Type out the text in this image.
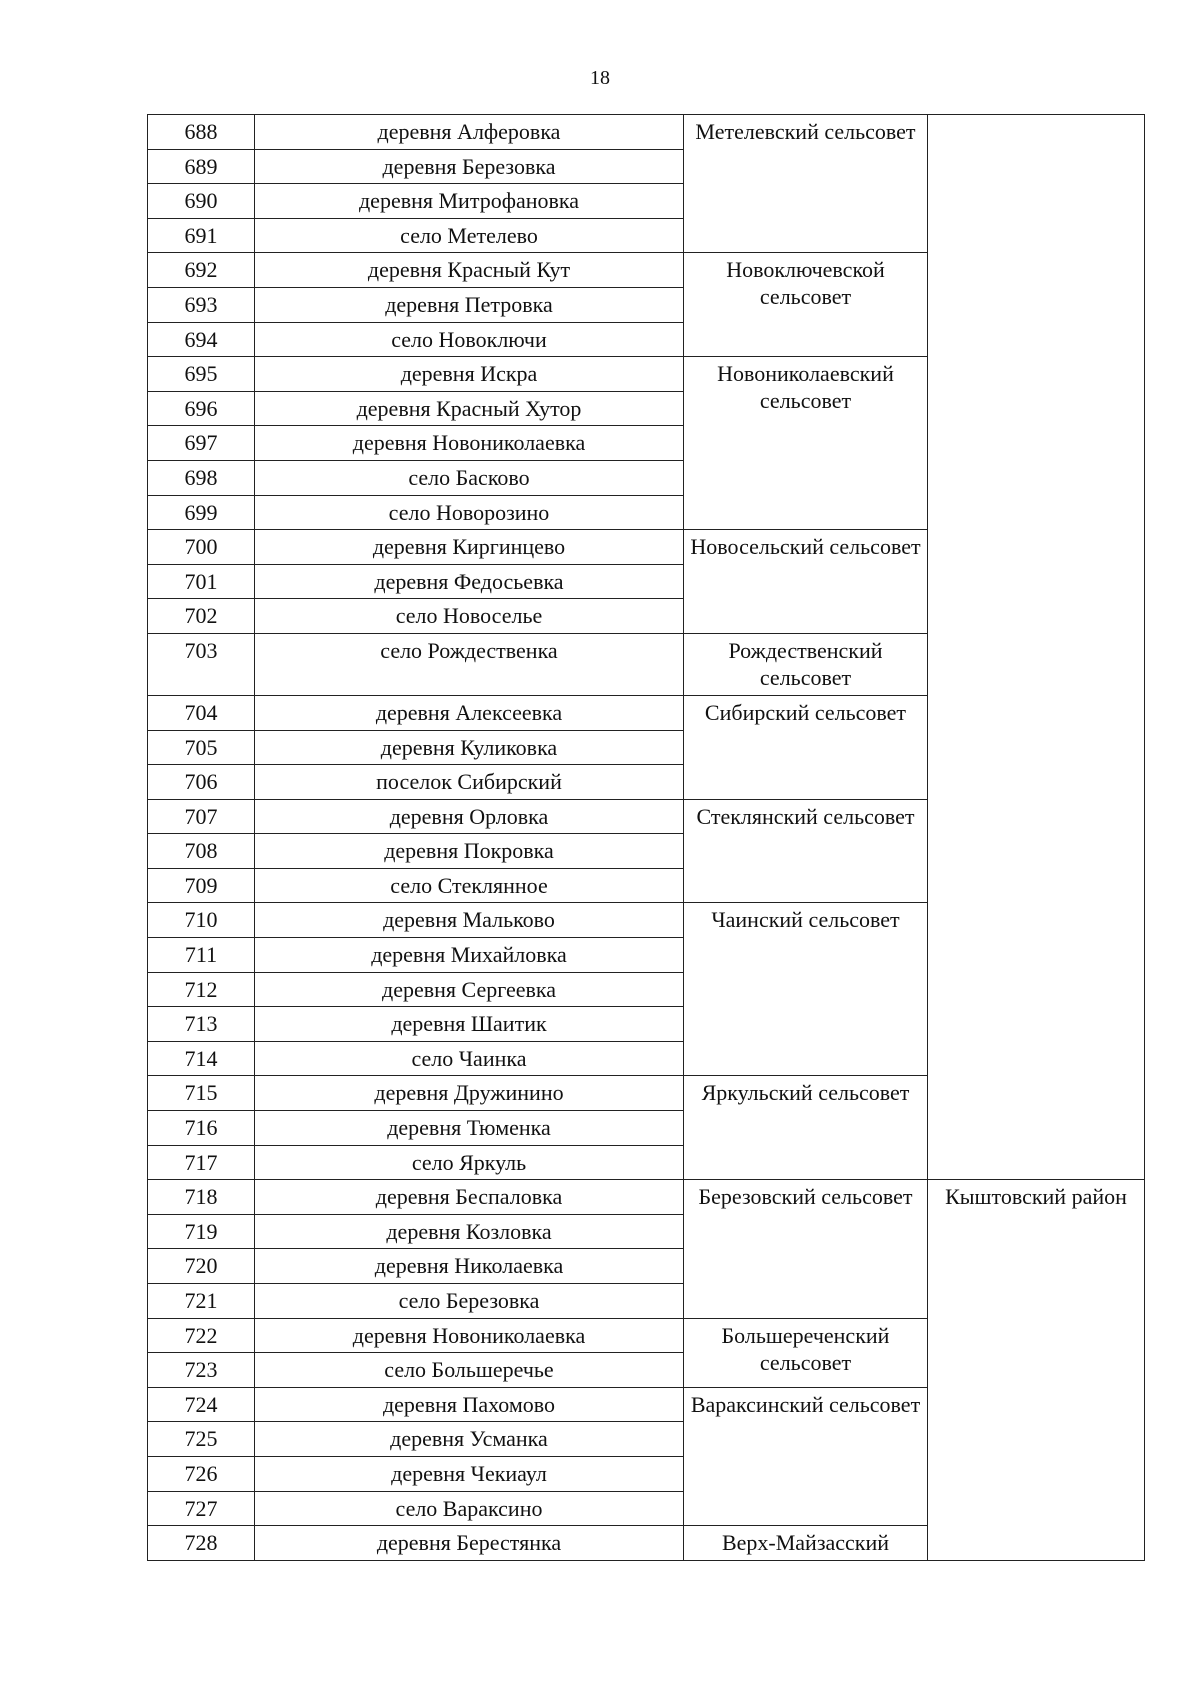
18
688	деревня Алферовка	Метелевский сельсовет	
689	деревня Березовка		
690	деревня Митрофановка		
691	село Метелево		
692	деревня Красный Кут	Новоключевской сельсовет	
693	деревня Петровка		
694	село Новоключи		
695	деревня Искра	Новониколаевский сельсовет	
696	деревня Красный Хутор		
697	деревня Новониколаевка		
698	село Басково		
699	село Новорозино		
700	деревня Киргинцево	Новосельский сельсовет	
701	деревня Федосьевка		
702	село Новоселье		
703	село Рождественка	Рождественский сельсовет	
704	деревня Алексеевка	Сибирский сельсовет	
705	деревня Куликовка		
706	поселок Сибирский		
707	деревня Орловка	Стеклянский сельсовет	
708	деревня Покровка		
709	село Стеклянное		
710	деревня Мальково	Чаинский сельсовет	
711	деревня Михайловка		
712	деревня Сергеевка		
713	деревня Шаитик		
714	село Чаинка		
715	деревня Дружинино	Яркульский сельсовет	
716	деревня Тюменка		
717	село Яркуль		
718	деревня Беспаловка	Березовский сельсовет	Кыштовский район
719	деревня Козловка		
720	деревня Николаевка		
721	село Березовка		
722	деревня Новониколаевка	Большереченский сельсовет	
723	село Большеречье		
724	деревня Пахомово	Вараксинский сельсовет	
725	деревня Усманка		
726	деревня Чекиаул		
727	село Вараксино		
728	деревня Берестянка	Верх-Майзасский	
